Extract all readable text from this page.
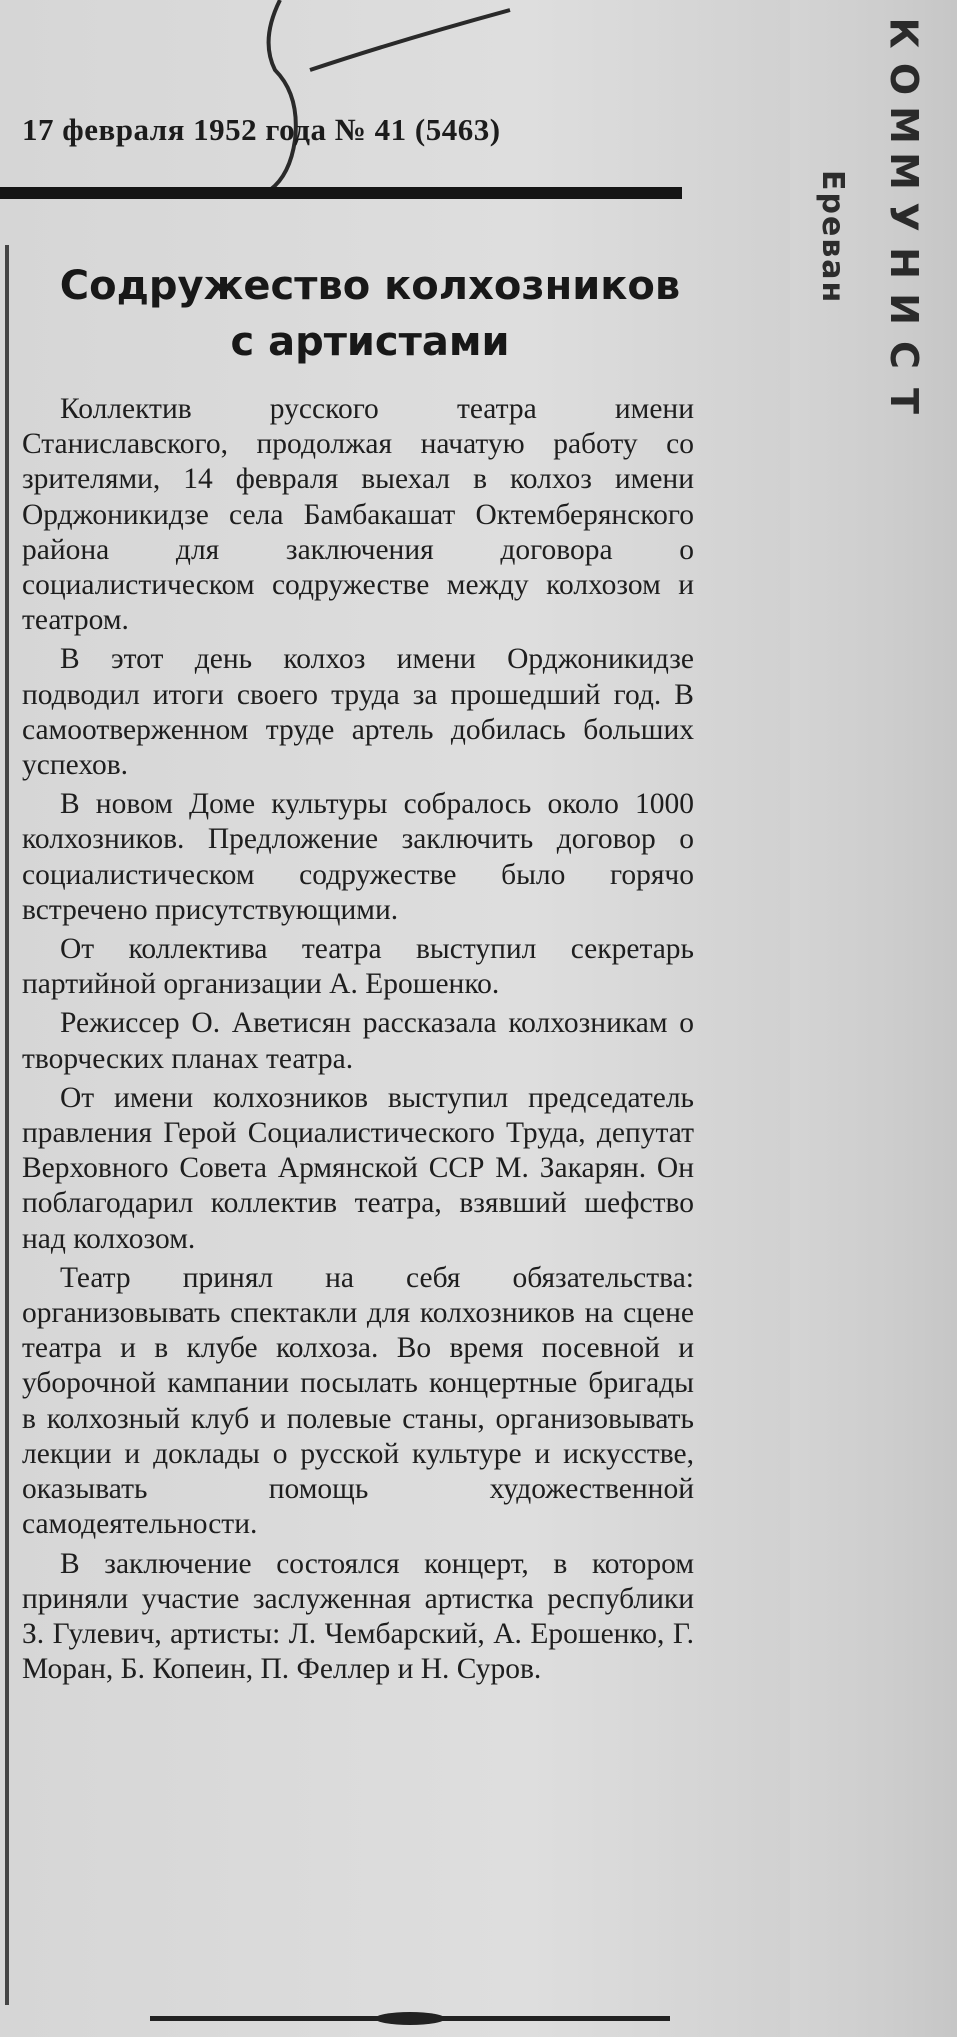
17 февраля 1952 года № 41 (5463)
К
О
М
М
У
Н
И
С
Т
Ереван
Содружество колхозников
с артистами

Коллектив русского театра имени Станиславского, продолжая начатую работу со зрителями, 14 февраля выехал в колхоз имени Орджоникидзе села Бамбакашат Октемберянского района для заключения договора о социалистическом содружестве между колхозом и театром.

В этот день колхоз имени Орджоникидзе подводил итоги своего труда за прошедший год. В самоотверженном труде артель добилась больших успехов.

В новом Доме культуры собралось около 1000 колхозников. Предложение заключить договор о социалистическом содружестве было горячо встречено присутствующими.

От коллектива театра выступил секретарь партийной организации А. Ерошенко.

Режиссер О. Аветисян рассказала колхозникам о творческих планах театра.

От имени колхозников выступил председатель правления Герой Социалистического Труда, депутат Верховного Совета Армянской ССР М. Закарян. Он поблагодарил коллектив театра, взявший шефство над колхозом.

Театр принял на себя обязательства: организовывать спектакли для колхозников на сцене театра и в клубе колхоза. Во время посевной и уборочной кампании посылать концертные бригады в колхозный клуб и полевые станы, организовывать лекции и доклады о русской культуре и искусстве, оказывать помощь художественной самодеятельности.

В заключение состоялся концерт, в котором приняли участие заслуженная артистка республики З. Гулевич, артисты: Л. Чембарский, А. Ерошенко, Г. Моран, Б. Копеин, П. Феллер и Н. Суров.
